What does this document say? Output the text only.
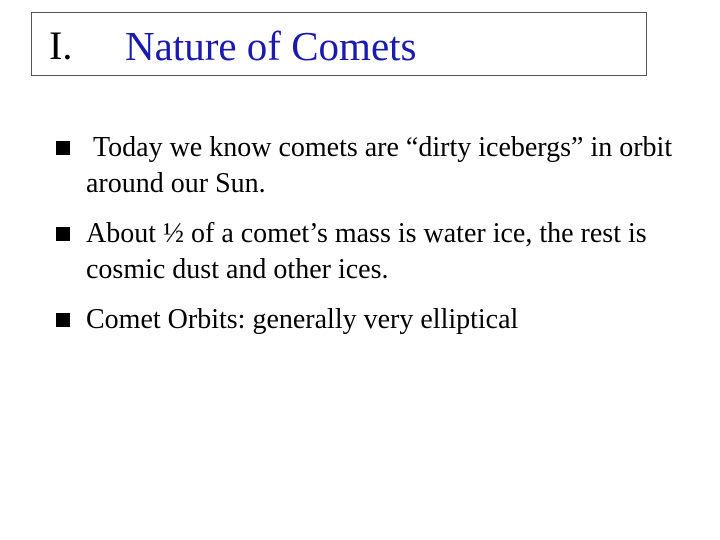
I. Nature of Comets
Today we know comets are “dirty icebergs” in orbit around our Sun.
About ½ of a comet’s mass is water ice, the rest is cosmic dust and other ices.
Comet Orbits: generally very elliptical
